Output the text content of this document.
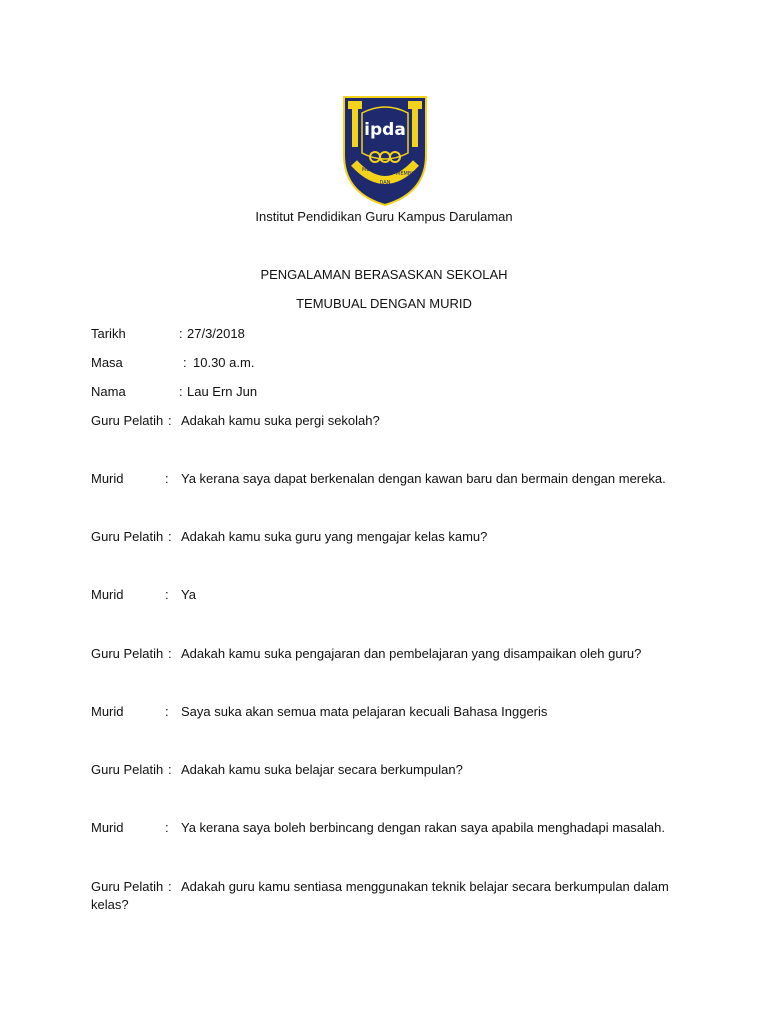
ipda
MENDIDIK
DAN
MEMBINA
Institut Pendidikan Guru Kampus Darulaman
PENGALAMAN BERASASKAN SEKOLAH
TEMUBUAL DENGAN MURID
Tarikh	: 27/3/2018
Masa	: 10.30 a.m.
Nama	: Lau Ern Jun
Guru Pelatih : Adakah kamu suka pergi sekolah?
Murid	: Ya kerana saya dapat berkenalan dengan kawan baru dan bermain dengan mereka.
Guru Pelatih : Adakah kamu suka guru yang mengajar kelas kamu?
Murid	: Ya
Guru Pelatih : Adakah kamu suka pengajaran dan pembelajaran yang disampaikan oleh guru?
Murid	: Saya suka akan semua mata pelajaran kecuali Bahasa Inggeris
Guru Pelatih : Adakah kamu suka belajar secara berkumpulan?
Murid	: Ya kerana saya boleh berbincang dengan rakan saya apabila menghadapi masalah.
Guru Pelatih : Adakah guru kamu sentiasa menggunakan teknik belajar secara berkumpulan dalam
kelas?
